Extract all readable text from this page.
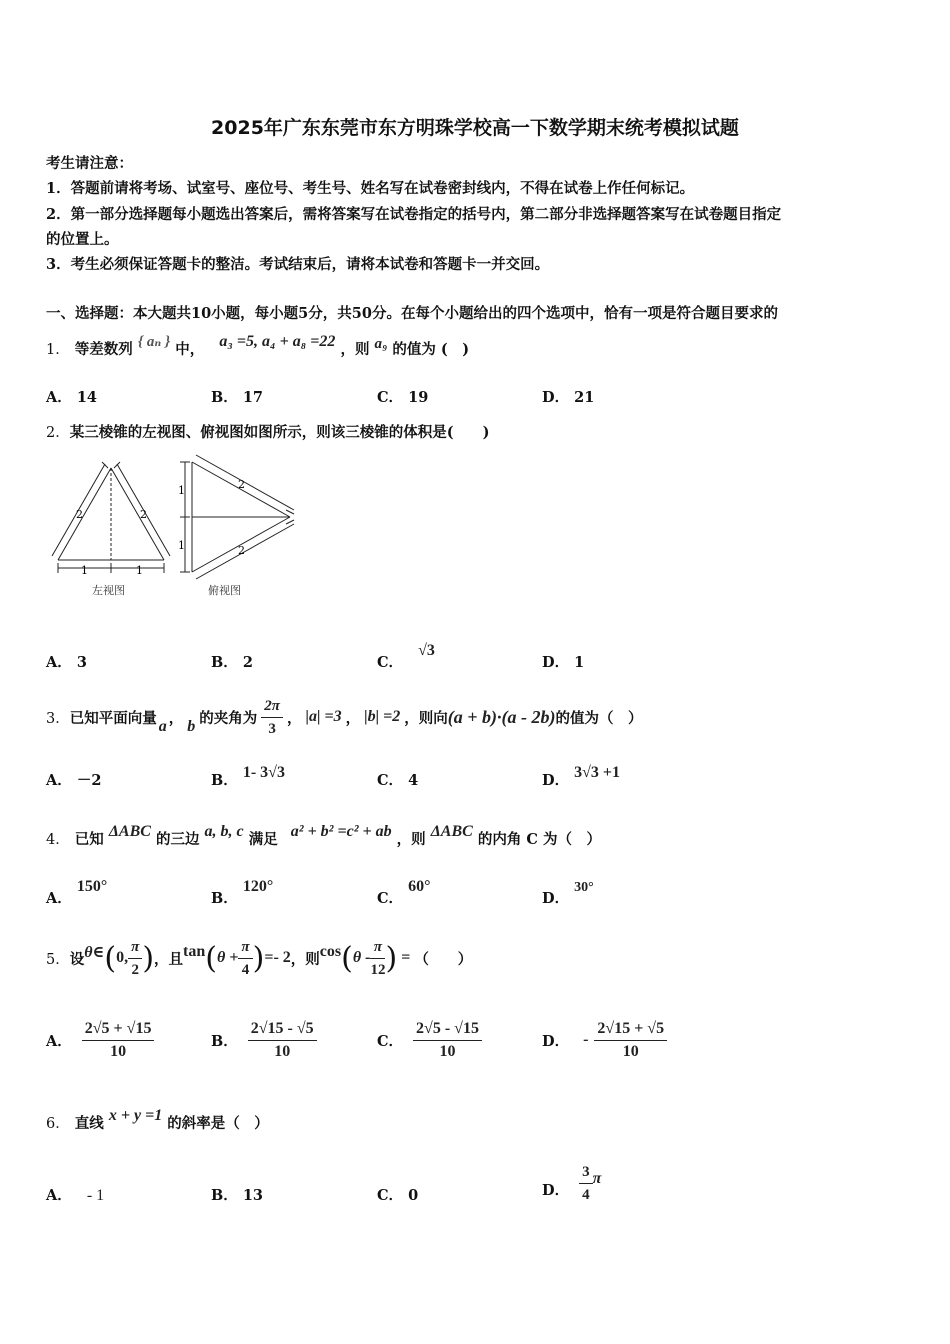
2025年广东东莞市东方明珠学校高一下数学期末统考模拟试题
考生请注意：
1．答题前请将考场、试室号、座位号、考生号、姓名写在试卷密封线内，不得在试卷上作任何标记。
2．第一部分选择题每小题选出答案后，需将答案写在试卷指定的括号内，第二部分非选择题答案写在试卷题目指定
的位置上。
3．考生必须保证答题卡的整洁。考试结束后，请将本试卷和答题卡一并交回。
一、选择题：本大题共10小题，每小题5分，共50分。在每个小题给出的四个选项中，恰有一项是符合题目要求的
1． 等差数列 { aₙ } 中， a₃ =5, a₄ + a₈ =22 ，则 a₉ 的值为 (　)
A． 14	B． 17	C． 19	D． 21
2．某三棱锥的左视图、俯视图如图所示，则该三棱锥的体积是(　　)
2	2
1	1
左视图
1
1
2
2
俯视图
A． 3	B． 2	C． √3
D． 1
3． 已知平面向量 a ， b 的夹角为 $\frac{2\pi}{3}$ ， |a| =3 ， |b| =2 ，则向 (a + b)·(a - 2b) 的值为（　）
A． －2	B． 1- 3√3	C． 4	D． 3√3 +1
4． 已知 ΔABC 的三边 a, b, c 满足 a² + b² =c² + ab ，则 ΔABC 的内角 C 为（　）
A． 150°
B． 120°
C． 60°
D． 30°
5． 设 θ∈ ( 0, $\frac{\pi}{2}$ ) ，且 tan ( $\theta + \frac{\pi}{4}$ ) =- 2 ，则 cos ( θ - $\frac{\pi}{12}$ ) = （　　）
A． $\frac{2√5 + √15}{10}$	B． $\frac{2√15 - √5}{10}$	C． $\frac{2√5 - √15}{10}$	D． - $\frac{2√15 + √5}{10}$
6． 直线 x + y =1 的斜率是（　）
A． - 1	B． 13	C． 0	D． $\frac{3}{4}$ π
